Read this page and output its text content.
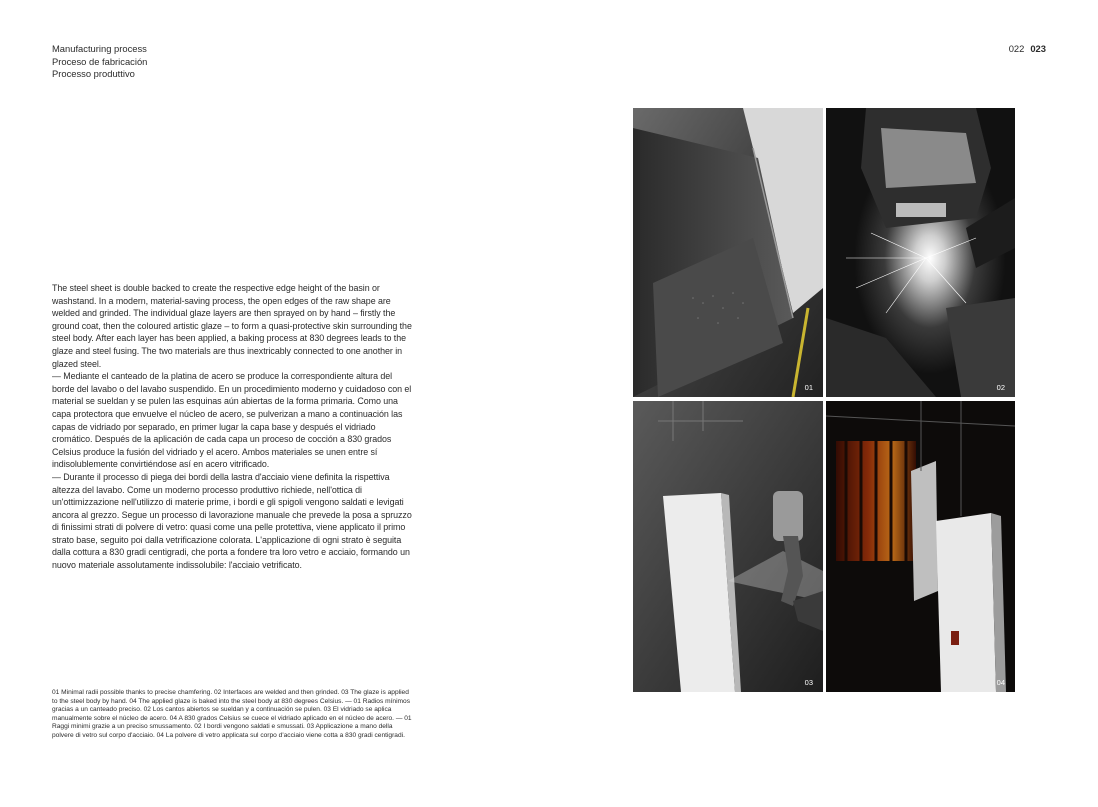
Manufacturing process
Proceso de fabricación
Processo produttivo
022 023

The steel sheet is double backed to create the respective edge height of the basin or washstand. In a modern, material-saving process, the open edges of the raw shape are welded and grinded. The individual glaze layers are then sprayed on by hand – firstly the ground coat, then the coloured artistic glaze – to form a quasi-protective skin surrounding the steel body. After each layer has been applied, a baking process at 830 degrees leads to the glaze and steel fusing. The two materials are thus inextricably connected to one another in glazed steel.

— Mediante el canteado de la platina de acero se produce la correspondiente altura del borde del lavabo o del lavabo suspendido. En un procedimiento moderno y cuidadoso con el material se sueldan y se pulen las esquinas aún abiertas de la forma primaria. Como una capa protectora que envuelve el núcleo de acero, se pulverizan a mano a continuación las capas de vidriado por separado, en primer lugar la capa base y después el vidriado cromático. Después de la aplicación de cada capa un proceso de cocción a 830 grados Celsius produce la fusión del vidriado y el acero. Ambos materiales se unen entre sí indisolublemente convirtiéndose así en acero vitrificado.

— Durante il processo di piega dei bordi della lastra d'acciaio viene definita la rispettiva altezza del lavabo. Come un moderno processo produttivo richiede, nell'ottica di un'ottimizzazione nell'utilizzo di materie prime, i bordi e gli spigoli vengono saldati e levigati ancora al grezzo. Segue un processo di lavorazione manuale che prevede la posa a spruzzo di finissimi strati di polvere di vetro: quasi come una pelle protettiva, viene applicato il primo strato base, seguito poi dalla vetrificazione colorata. L'applicazione di ogni strato è seguita dalla cottura a 830 gradi centigradi, che porta a fondere tra loro vetro e acciaio, formando un nuovo materiale assolutamente indissolubile: l'acciaio vetrificato.

01 Minimal radii possible thanks to precise chamfering. 02 Interfaces are welded and then grinded. 03 The glaze is applied to the steel body by hand. 04 The applied glaze is baked into the steel body at 830 degrees Celsius. — 01 Radios mínimos gracias a un canteado preciso. 02 Los cantos abiertos se sueldan y a continuación se pulen. 03 El vidriado se aplica manualmente sobre el núcleo de acero. 04 A 830 grados Celsius se cuece el vidriado aplicado en el núcleo de acero. — 01 Raggi minimi grazie a un preciso smussamento. 02 I bordi vengono saldati e smussati. 03 Applicazione a mano della polvere di vetro sul corpo d'acciaio. 04 La polvere di vetro applicata sul corpo d'acciaio viene cotta a 830 gradi centigradi.
01	02
03	04
